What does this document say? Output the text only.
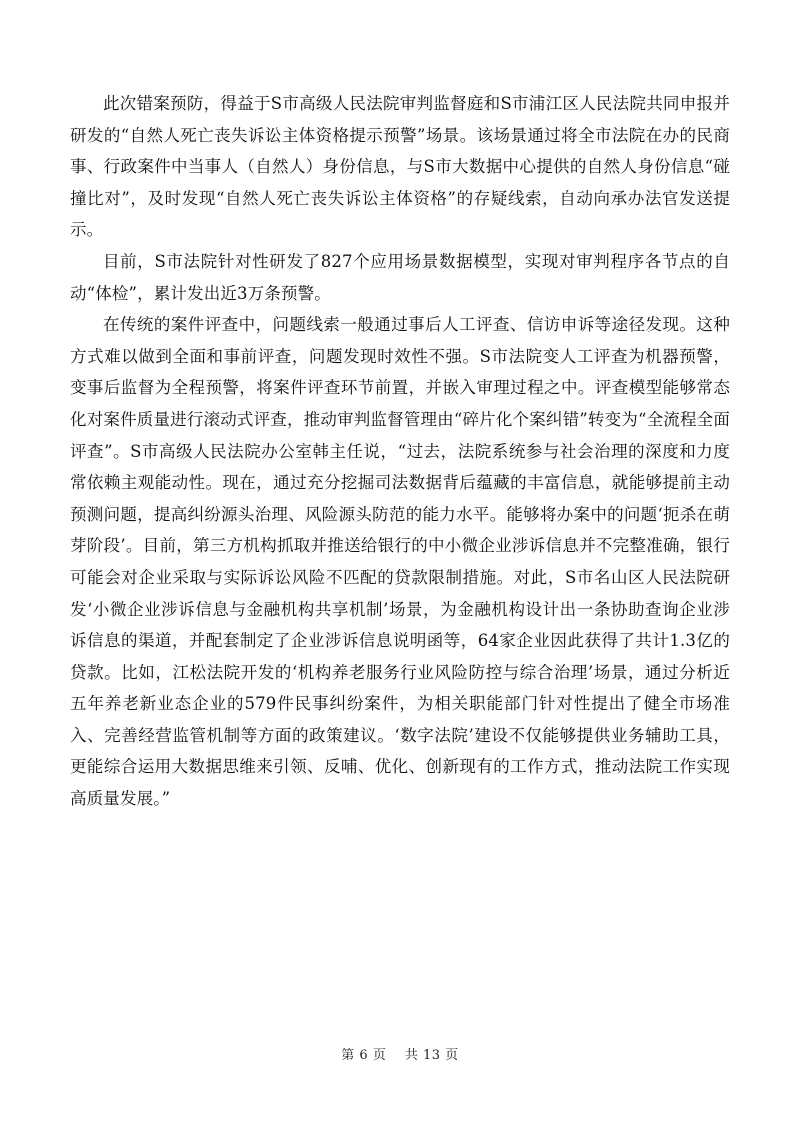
此次错案预防，得益于S市高级人民法院审判监督庭和S市浦江区人民法院共同申报并研发的“自然人死亡丧失诉讼主体资格提示预警”场景。该场景通过将全市法院在办的民商事、行政案件中当事人（自然人）身份信息，与S市大数据中心提供的自然人身份信息“碰撞比对”，及时发现“自然人死亡丧失诉讼主体资格”的存疑线索，自动向承办法官发送提示。

目前，S市法院针对性研发了827个应用场景数据模型，实现对审判程序各节点的自动“体检”，累计发出近3万条预警。

在传统的案件评查中，问题线索一般通过事后人工评查、信访申诉等途径发现。这种方式难以做到全面和事前评查，问题发现时效性不强。S市法院变人工评查为机器预警，变事后监督为全程预警，将案件评查环节前置，并嵌入审理过程之中。评查模型能够常态化对案件质量进行滚动式评查，推动审判监督管理由“碎片化个案纠错”转变为“全流程全面评查”。S市高级人民法院办公室韩主任说，“过去，法院系统参与社会治理的深度和力度常依赖主观能动性。现在，通过充分挖掘司法数据背后蕴藏的丰富信息，就能够提前主动预测问题，提高纠纷源头治理、风险源头防范的能力水平。能够将办案中的问题‘扼杀在萌芽阶段’。目前，第三方机构抓取并推送给银行的中小微企业涉诉信息并不完整准确，银行可能会对企业采取与实际诉讼风险不匹配的贷款限制措施。对此，S市名山区人民法院研发‘小微企业涉诉信息与金融机构共享机制’场景，为金融机构设计出一条协助查询企业涉诉信息的渠道，并配套制定了企业涉诉信息说明函等，64家企业因此获得了共计1.3亿的贷款。比如，江松法院开发的‘机构养老服务行业风险防控与综合治理’场景，通过分析近五年养老新业态企业的579件民事纠纷案件，为相关职能部门针对性提出了健全市场准入、完善经营监管机制等方面的政策建议。‘数字法院’建设不仅能够提供业务辅助工具，更能综合运用大数据思维来引领、反哺、优化、创新现有的工作方式，推动法院工作实现高质量发展。”

第 6 页 共 13 页
